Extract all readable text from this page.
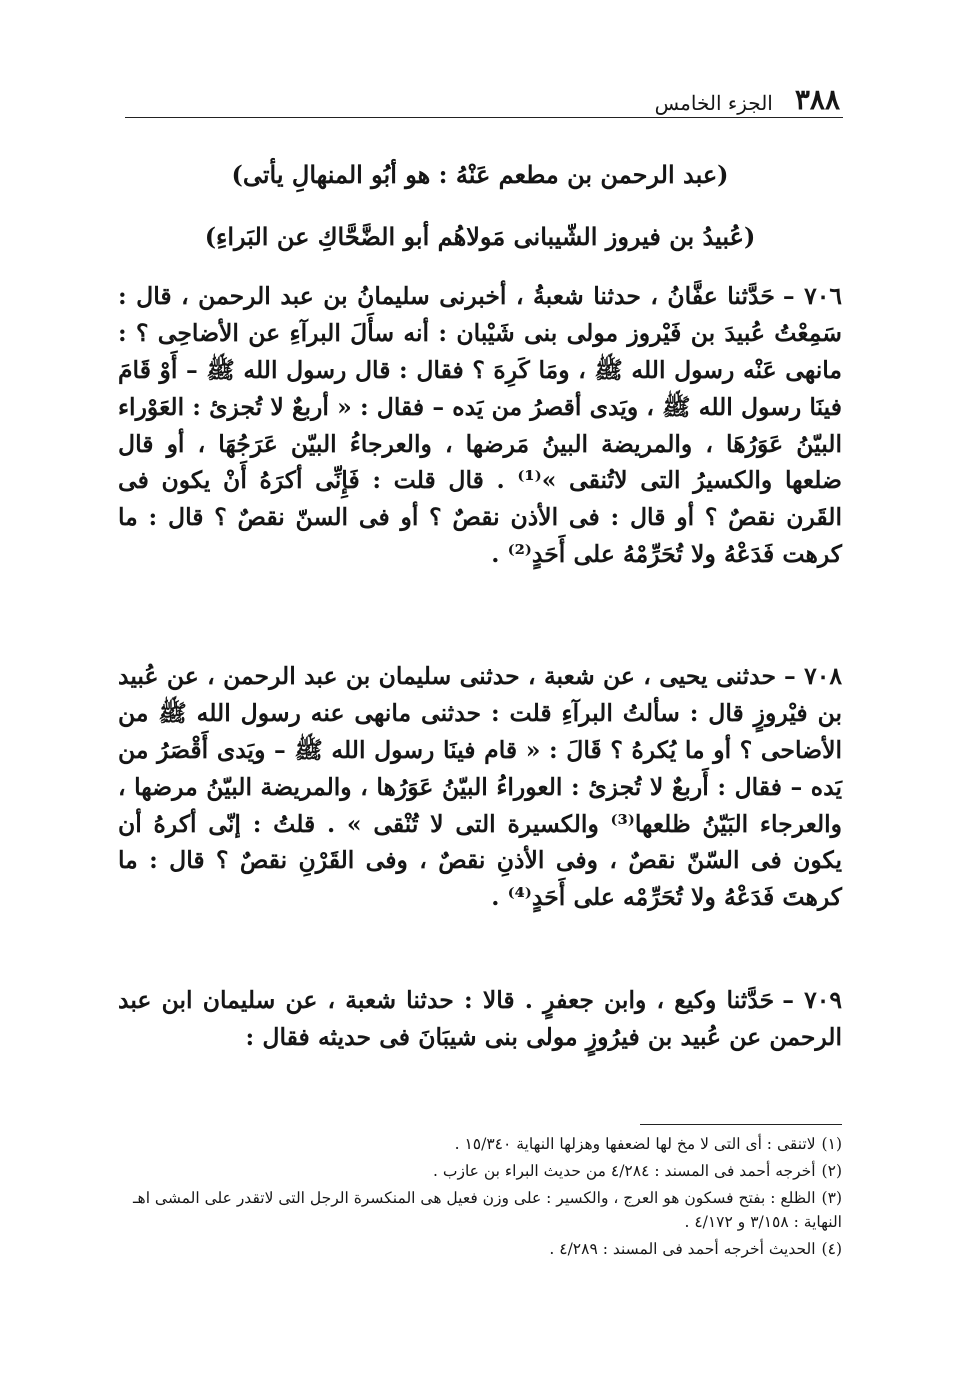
٣٨٨
الجزء الخامس
(عبد الرحمن بن مطعم عَنْهُ : هو أبُو المنهالِ يأتى)
(عُبيدُ بن فيروز الشّيبانى مَولاهُم أبو الضَّحَّاكِ عن البَراءِ)

٧٠٦ –حَدَّثنا عفَّانُ ، حدثنا شعبةُ ، أخبرنى سليمانُ بن عبد الرحمن ، قال : سَمِعْتُ عُبيدَ بن فَيْروز مولى بنى شَيْبان : أنه سأَلَ البرآءِ عن الأضاحِى ؟ : مانهى عَنْه رسول الله ﷺ ، ومَا كَرِهَ ؟ فقال : قال رسول الله ﷺ – أَوْ قَامَ فينَا رسول الله ﷺ ، ويَدى أقصرُ من يَده – فقال : « أربعٌ لا تُجزئ : العَوْراء البيّنُ عَوَرُهَا ، والمريضة البينُ مَرضها ، والعرجاءُ البيّن عَرَجُهَا ، أو قال ضلعها والكسيرُ التى لاتُنقى »⁽¹⁾ . قال قلت : فَإِنِّى أكرَهُ أَنْ يكون فى القَرن نقصٌ ؟ أو قال : فى الأذن نقصٌ ؟ أو فى السنّ نقصٌ ؟ قال : ما كرهت فَدَعْهُ ولا تُحَرِّمْهُ على أَحَدٍ⁽²⁾ .

٧٠٨ –حدثنى يحيى ، عن شعبة ، حدثنى سليمان بن عبد الرحمن ، عن عُبيد بن فيْروزٍ قال : سألتُ البرآءِ قلت : حدثنى مانهى عنه رسول الله ﷺ من الأضاحى ؟ أو ما يُكرهُ ؟ قَالَ : « قام فينَا رسول الله ﷺ – ويَدى أَقْصَرُ من يَده – فقال : أَربعٌ لا تُجزئ : العوراءُ البيّنُ عَوَرُها ، والمريضة البيّنُ مرضها ، والعرجاء البَيّنُ ظلعها⁽³⁾ والكسيرة التى لا تُنْقى » . قلتُ : إنّى أكرهُ أن يكون فى السّنّ نقصٌ ، وفى الأذنِ نقصٌ ، وفى القَرْنِ نقصٌ ؟ قال : ما كرهتَ فَدَعْهُ ولا تُحَرِّمْه على أَحَدٍ⁽⁴⁾ .

٧٠٩ –حَدَّثنا وكيع ، وابن جعفرٍ . قالا : حدثنا شعبة ، عن سليمان ابن عبد الرحمن عن عُبيد بن فيرُوزٍ مولى بنى شيبَانَ فى حديثه فقال :

(١)لاتنقى : أى التى لا مخ لها لضعفها وهزلها النهاية ١٥/٣٤٠ .
(٢)أخرجه أحمد فى المسند : ٤/٢٨٤ من حديث البراء بن عازب .
(٣)الظلع : بفتح فسكون هو العرج ، والكسير : على وزن فعيل هى المنكسرة الرجل التى لاتقدر على المشى اهـ النهاية : ٣/١٥٨ و ٤/١٧٢ .
(٤)الحديث أخرجه أحمد فى المسند : ٤/٢٨٩ .
